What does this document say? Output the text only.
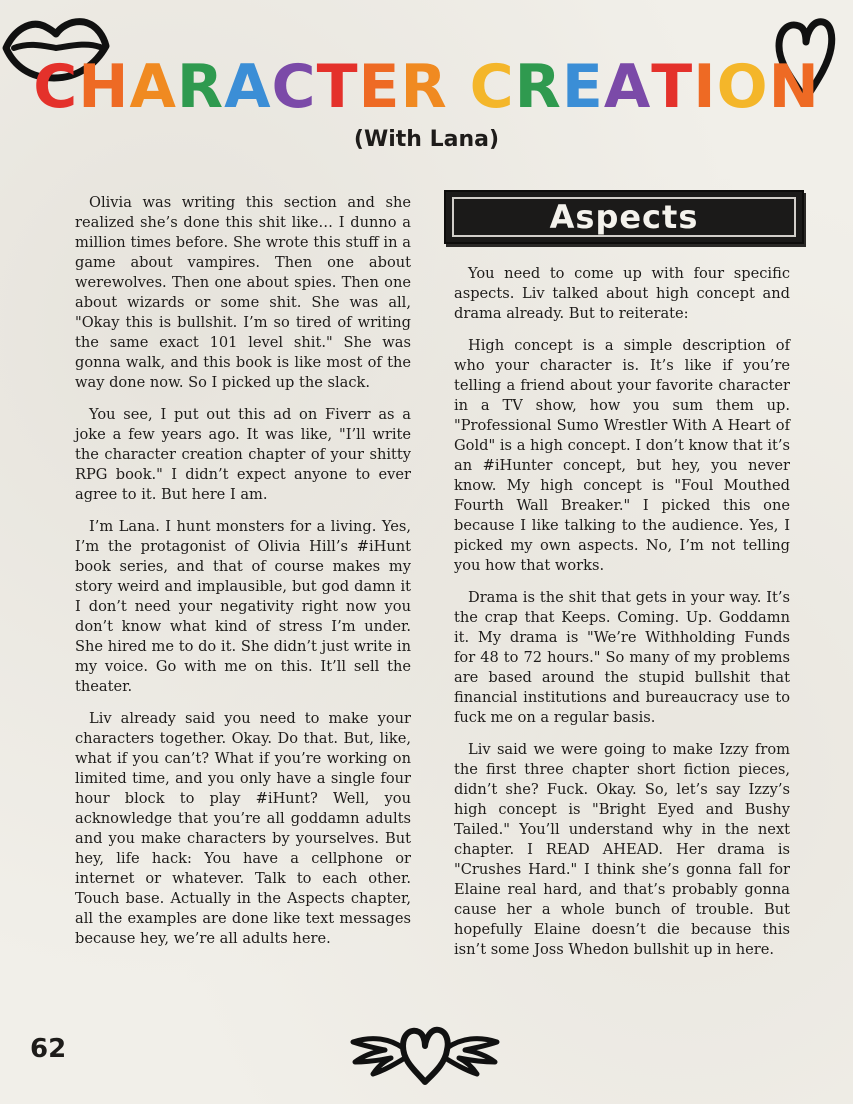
CHARACTER CREATION
(With Lana)

Olivia was writing this section and she realized she’s done this shit like… I dunno a million times before. She wrote this stuff in a game about vampires. Then one about werewolves. Then one about spies. Then one about wizards or some shit. She was all, "Okay this is bullshit. I’m so tired of writing the same exact 101 level shit." She was gonna walk, and this book is like most of the way done now. So I picked up the slack.

You see, I put out this ad on Fiverr as a joke a few years ago. It was like, "I’ll write the character creation chapter of your shitty RPG book." I didn’t expect anyone to ever agree to it. But here I am.

I’m Lana. I hunt monsters for a living. Yes, I’m the protagonist of Olivia Hill’s #iHunt book series, and that of course makes my story weird and implausible, but god damn it I don’t need your negativity right now you don’t know what kind of stress I’m under. She hired me to do it. She didn’t just write in my voice. Go with me on this. It’ll sell the theater.

Liv already said you need to make your characters together. Okay. Do that. But, like, what if you can’t? What if you’re working on limited time, and you only have a single four hour block to play #iHunt? Well, you acknowledge that you’re all goddamn adults and you make characters by yourselves. But hey, life hack: You have a cellphone or internet or whatever. Talk to each other. Touch base. Actually in the Aspects chapter, all the examples are done like text messages because hey, we’re all adults here.

Aspects

You need to come up with four specific aspects. Liv talked about high concept and drama already. But to reiterate:

High concept is a simple description of who your character is. It’s like if you’re telling a friend about your favorite character in a TV show, how you sum them up. "Professional Sumo Wrestler With A Heart of Gold" is a high concept. I don’t know that it’s an #iHunter concept, but hey, you never know. My high concept is "Foul Mouthed Fourth Wall Breaker." I picked this one because I like talking to the audience. Yes, I picked my own aspects. No, I’m not telling you how that works.

Drama is the shit that gets in your way. It’s the crap that Keeps. Coming. Up. Goddamn it. My drama is "We’re Withholding Funds for 48 to 72 hours." So many of my problems are based around the stupid bullshit that financial institutions and bureaucracy use to fuck me on a regular basis.

Liv said we were going to make Izzy from the first three chapter short fiction pieces, didn’t she? Fuck. Okay. So, let’s say Izzy’s high concept is "Bright Eyed and Bushy Tailed." You’ll understand why in the next chapter. I READ AHEAD. Her drama is "Crushes Hard." I think she’s gonna fall for Elaine real hard, and that’s probably gonna cause her a whole bunch of trouble. But hopefully Elaine doesn’t die because this isn’t some Joss Whedon bullshit up in here.

62
